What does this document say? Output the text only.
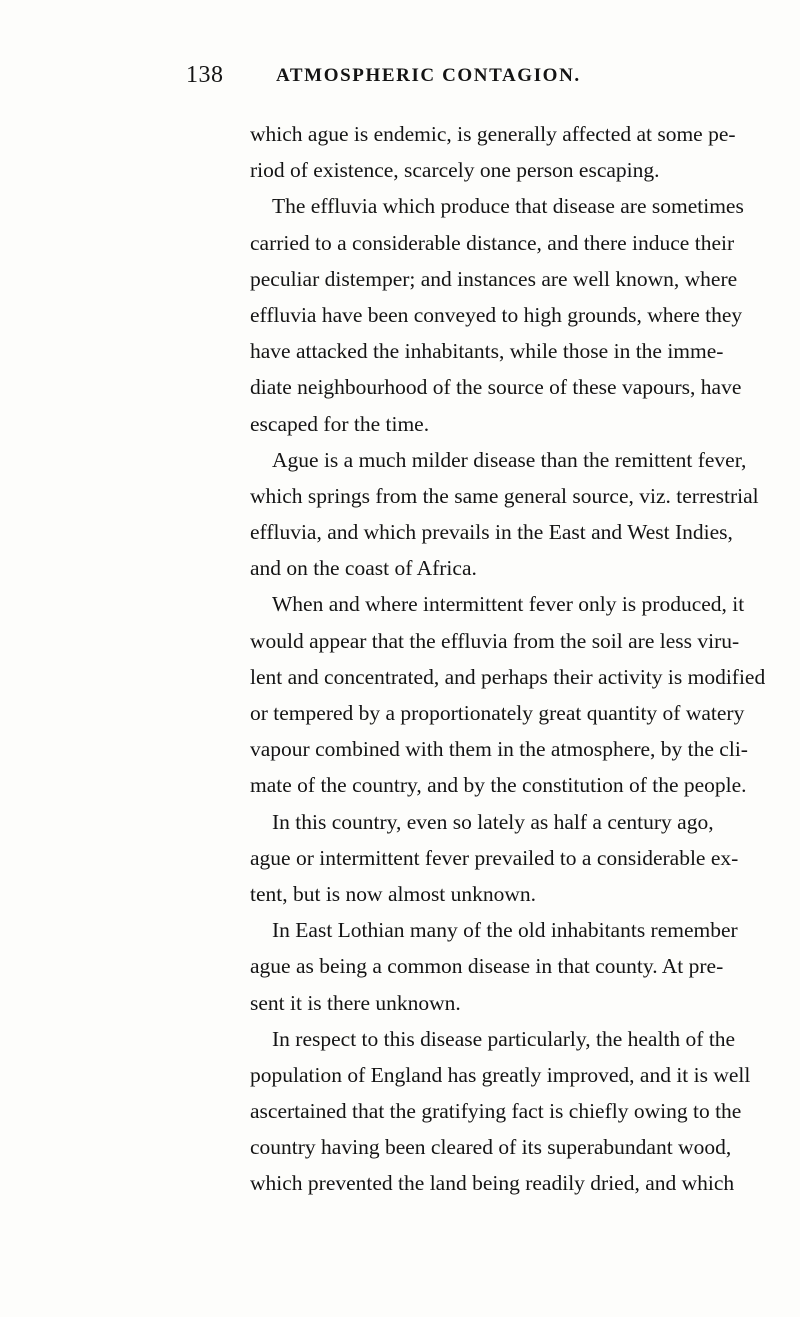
138	ATMOSPHERIC CONTAGION.
which ague is endemic, is generally affected at some pe-
riod of existence, scarcely one person escaping.
The effluvia which produce that disease are sometimes
carried to a considerable distance, and there induce their
peculiar distemper; and instances are well known, where
effluvia have been conveyed to high grounds, where they
have attacked the inhabitants, while those in the imme-
diate neighbourhood of the source of these vapours, have
escaped for the time.
Ague is a much milder disease than the remittent fever,
which springs from the same general source, viz. terrestrial
effluvia, and which prevails in the East and West Indies,
and on the coast of Africa.
When and where intermittent fever only is produced, it
would appear that the effluvia from the soil are less viru-
lent and concentrated, and perhaps their activity is modified
or tempered by a proportionately great quantity of watery
vapour combined with them in the atmosphere, by the cli-
mate of the country, and by the constitution of the people.
In this country, even so lately as half a century ago,
ague or intermittent fever prevailed to a considerable ex-
tent, but is now almost unknown.
In East Lothian many of the old inhabitants remember
ague as being a common disease in that county. At pre-
sent it is there unknown.
In respect to this disease particularly, the health of the
population of England has greatly improved, and it is well
ascertained that the gratifying fact is chiefly owing to the
country having been cleared of its superabundant wood,
which prevented the land being readily dried, and which
